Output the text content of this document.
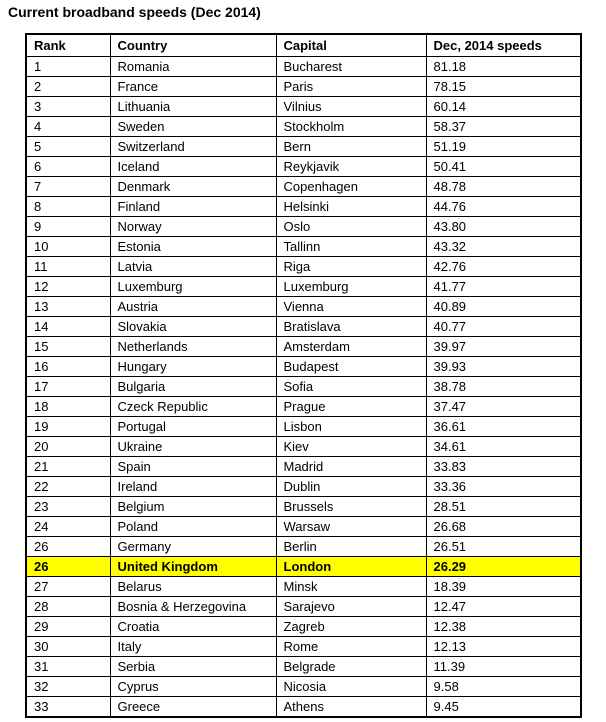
Current broadband speeds (Dec 2014)
Rank	Country	Capital	Dec, 2014 speeds
1	Romania	Bucharest	81.18
2	France	Paris	78.15
3	Lithuania	Vilnius	60.14
4	Sweden	Stockholm	58.37
5	Switzerland	Bern	51.19
6	Iceland	Reykjavik	50.41
7	Denmark	Copenhagen	48.78
8	Finland	Helsinki	44.76
9	Norway	Oslo	43.80
10	Estonia	Tallinn	43.32
11	Latvia	Riga	42.76
12	Luxemburg	Luxemburg	41.77
13	Austria	Vienna	40.89
14	Slovakia	Bratislava	40.77
15	Netherlands	Amsterdam	39.97
16	Hungary	Budapest	39.93
17	Bulgaria	Sofia	38.78
18	Czeck Republic	Prague	37.47
19	Portugal	Lisbon	36.61
20	Ukraine	Kiev	34.61
21	Spain	Madrid	33.83
22	Ireland	Dublin	33.36
23	Belgium	Brussels	28.51
24	Poland	Warsaw	26.68
26	Germany	Berlin	26.51
26	United Kingdom	London	26.29
27	Belarus	Minsk	18.39
28	Bosnia & Herzegovina	Sarajevo	12.47
29	Croatia	Zagreb	12.38
30	Italy	Rome	12.13
31	Serbia	Belgrade	11.39
32	Cyprus	Nicosia	9.58
33	Greece	Athens	9.45
